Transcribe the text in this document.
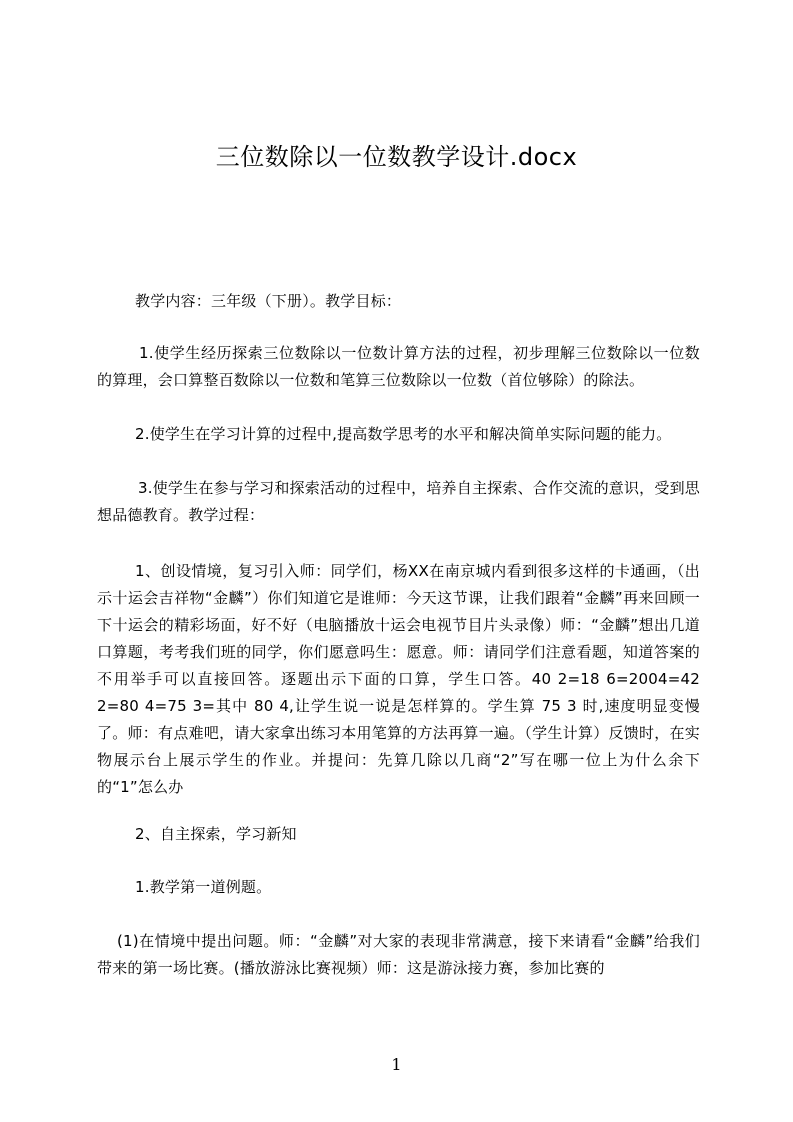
三位数除以一位数教学设计.docx

教学内容：三年级（下册）。教学目标：

1.使学生经历探索三位数除以一位数计算方法的过程，初步理解三位数除以一位数的算理，会口算整百数除以一位数和笔算三位数除以一位数（首位够除）的除法。

2.使学生在学习计算的过程中,提高数学思考的水平和解决简单实际问题的能力。

3.使学生在参与学习和探索活动的过程中，培养自主探索、合作交流的意识，受到思想品德教育。教学过程：

1、创设情境，复习引入师：同学们，杨XX在南京城内看到很多这样的卡通画，（出示十运会吉祥物“金麟”）你们知道它是谁师：今天这节课，让我们跟着“金麟”再来回顾一下十运会的精彩场面，好不好（电脑播放十运会电视节目片头录像）师：“金麟”想出几道口算题，考考我们班的同学，你们愿意吗生：愿意。师：请同学们注意看题，知道答案的不用举手可以直接回答。逐题出示下面的口算，学生口答。40 2=18 6=2004=42 2=80 4=75 3=其中 80 4,让学生说一说是怎样算的。学生算 75 3 时,速度明显变慢了。师：有点难吧，请大家拿出练习本用笔算的方法再算一遍。（学生计算）反馈时，在实物展示台上展示学生的作业。并提问：先算几除以几商“2”写在哪一位上为什么余下的“1”怎么办

2、自主探索，学习新知

1.教学第一道例题。

(1)在情境中提出问题。师：“金麟”对大家的表现非常满意，接下来请看“金麟”给我们带来的第一场比赛。(播放游泳比赛视频）师：这是游泳接力赛，参加比赛的

1
